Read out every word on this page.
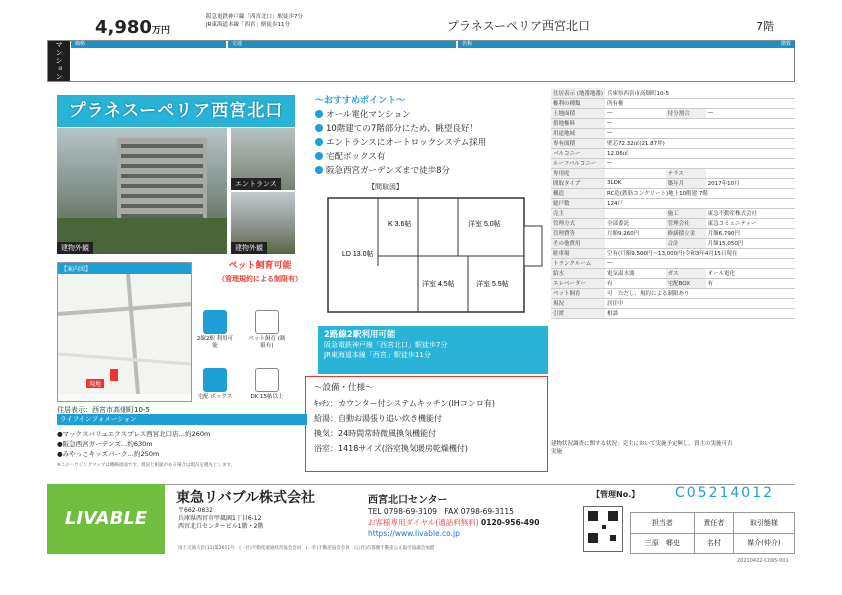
マンション	価格	交通	名称	階数
4,980万円
阪急電鉄神戸線「西宮北口」駅徒歩7分
JR東海道本線「西宮」駅徒歩11分	プラネスーペリア西宮北口	7階
プラネスーペリア西宮北口
建物外観
エントランス
建物外観
～おすすめポイント～
オール電化マンション
10階建ての7階部分にため、眺望良好！
エントランスにオートロックシステム採用
宅配ボックス有
阪急西宮ガーデンズまで徒歩8分
【間取図】
K 3.6帖	洋室 5.0帖
LD 13.0帖
洋室 4.5帖	洋室 5.5帖
【案内図】
現地
ペット飼育可能
（管理規約による制限有）
2線2駅 利用可能
ペット飼育 (制限有)
宅配 ボックス	DK 15帖以上
2路線2駅利用可能
阪急電鉄神戸線「西宮北口」駅徒歩7分
JR東海道本線「西宮」駅徒歩11分
～設備・仕様～
ｷｯﾁﾝ：カウンター付システムキッチン(IHコンロ有)
給湯：自動お湯張り追い炊き機能付
換気：24時間常時微風換気機能付
浴室：1418サイズ(浴室換気暖房乾燥機付)
住居表示：西宮市高畑町10-5
ライフインフォメーション
●マックスバリュエクスプレス西宮北口店…約260m
●阪急西宮ガーデンズ…約630m
●みやっこキッズパーク…約250m
※このハウジングマップは概略図面です。現況と相違がある場合は現況を優先とします。
住居表示 (地番地番)	兵庫県西宮市高畑町10-5		
権利の種類	所有権		
土地面積	―	持分割合	―
借地権料	―		
用途地域	―		
専有面積	壁芯72.32㎡(21.87坪)		
バルコニー	12.06㎡		
ルーフバルコニー	―		
専用庭		テラス	
間取タイプ	3LDK	築年月	2017年10月
構造	RC造(鉄筋コンクリート)地上10階建 7階		
総戸数	124戸		
売主		施工	東急不動産株式会社
管理方式	全部委託	管理会社	東急コミュニティー
管理費等	月額9,260円	修繕積立金	月額6,790円
その他費用		合計	月額15,050円
駐車場	空有(月額9,500円～13,000円)令和3年4月15日現在		
トランクルーム	―		
給水	電気温水器	ガス	オール電化
エレベーター	有	宅配BOX	有
ペット飼育	可　ただし、規約による制限あり		
現況	居住中		
引渡	相談		
建物状況調査に関する状況：売主において実施予定無し。買主の実施可否
実施
LIVABLE
東急リバブル株式会社	西宮北口センター
〒662-0832
兵庫県西宮市甲風園1丁目6-12
西宮北口センタービル1階・2階
TEL 0798-69-3109　FAX 0798-69-3115
お客様専用ダイヤル(通話料無料) 0120-956-490
https://www.livable.co.jp
国土交通大臣(11)第2611号　(一社)不動産流通経営協会会員　(一社)不動産協会会員　(公社)首都圏不動産公正取引協議会加盟
【管理No.】	C05214012
担当者	責任者	取引態様
三原　郷史	名村	媒介(仲介)
20210422-C095-001
